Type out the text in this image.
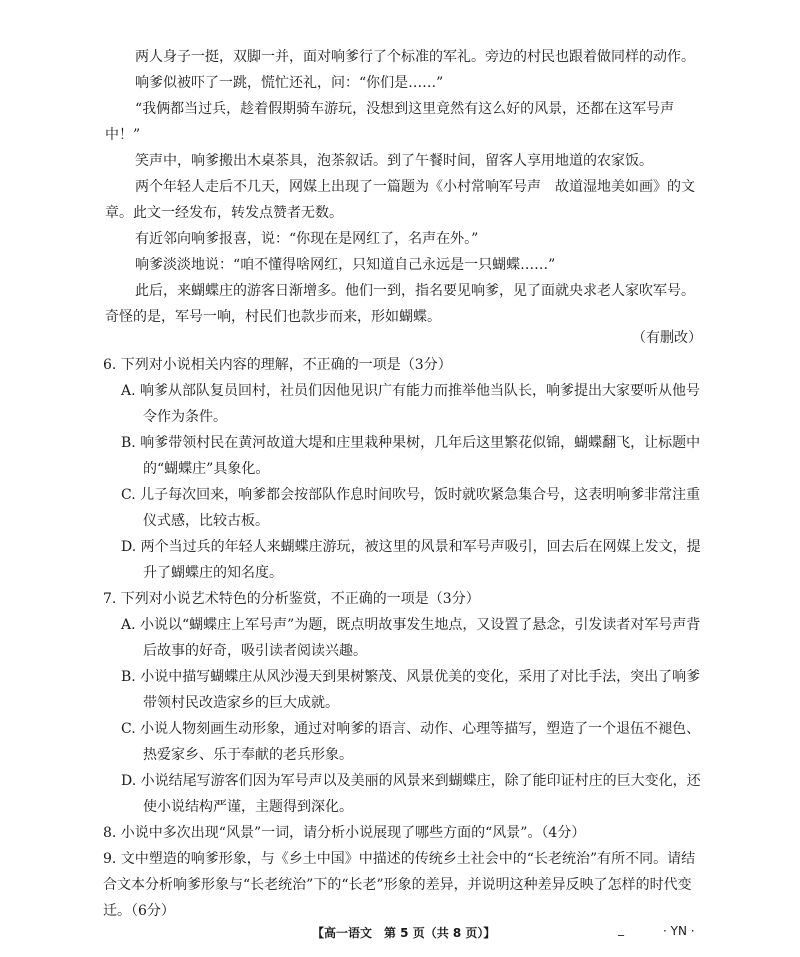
两人身子一挺，双脚一并，面对响爹行了个标准的军礼。旁边的村民也跟着做同样的动作。

响爹似被吓了一跳，慌忙还礼，问：“你们是……”

“我俩都当过兵，趁着假期骑车游玩，没想到这里竟然有这么好的风景，还都在这军号声中！”

笑声中，响爹搬出木桌茶具，泡茶叙话。到了午餐时间，留客人享用地道的农家饭。

两个年轻人走后不几天，网媒上出现了一篇题为《小村常响军号声　故道湿地美如画》的文章。此文一经发布，转发点赞者无数。

有近邻向响爹报喜，说：“你现在是网红了，名声在外。”

响爹淡淡地说：“咱不懂得啥网红，只知道自己永远是一只蝴蝶……”

此后，来蝴蝶庄的游客日渐增多。他们一到，指名要见响爹，见了面就央求老人家吹军号。奇怪的是，军号一响，村民们也款步而来，形如蝴蝶。

（有删改）

6. 下列对小说相关内容的理解，不正确的一项是（3分）

A. 响爹从部队复员回村，社员们因他见识广有能力而推举他当队长，响爹提出大家要听从他号令作为条件。

B. 响爹带领村民在黄河故道大堤和庄里栽种果树，几年后这里繁花似锦，蝴蝶翻飞，让标题中的“蝴蝶庄”具象化。

C. 儿子每次回来，响爹都会按部队作息时间吹号，饭时就吹紧急集合号，这表明响爹非常注重仪式感，比较古板。

D. 两个当过兵的年轻人来蝴蝶庄游玩，被这里的风景和军号声吸引，回去后在网媒上发文，提升了蝴蝶庄的知名度。

7. 下列对小说艺术特色的分析鉴赏，不正确的一项是（3分）

A. 小说以“蝴蝶庄上军号声”为题，既点明故事发生地点，又设置了悬念，引发读者对军号声背后故事的好奇，吸引读者阅读兴趣。

B. 小说中描写蝴蝶庄从风沙漫天到果树繁茂、风景优美的变化，采用了对比手法，突出了响爹带领村民改造家乡的巨大成就。

C. 小说人物刻画生动形象，通过对响爹的语言、动作、心理等描写，塑造了一个退伍不褪色、热爱家乡、乐于奉献的老兵形象。

D. 小说结尾写游客们因为军号声以及美丽的风景来到蝴蝶庄，除了能印证村庄的巨大变化，还使小说结构严谨，主题得到深化。

8. 小说中多次出现“风景”一词，请分析小说展现了哪些方面的“风景”。（4分）

9. 文中塑造的响爹形象，与《乡土中国》中描述的传统乡土社会中的“长老统治”有所不同。请结合文本分析响爹形象与“长老统治”下的“长老”形象的差异，并说明这种差异反映了怎样的时代变迁。（6分）

【高一语文　第 5 页（共 8 页）】	_	· YN ·
